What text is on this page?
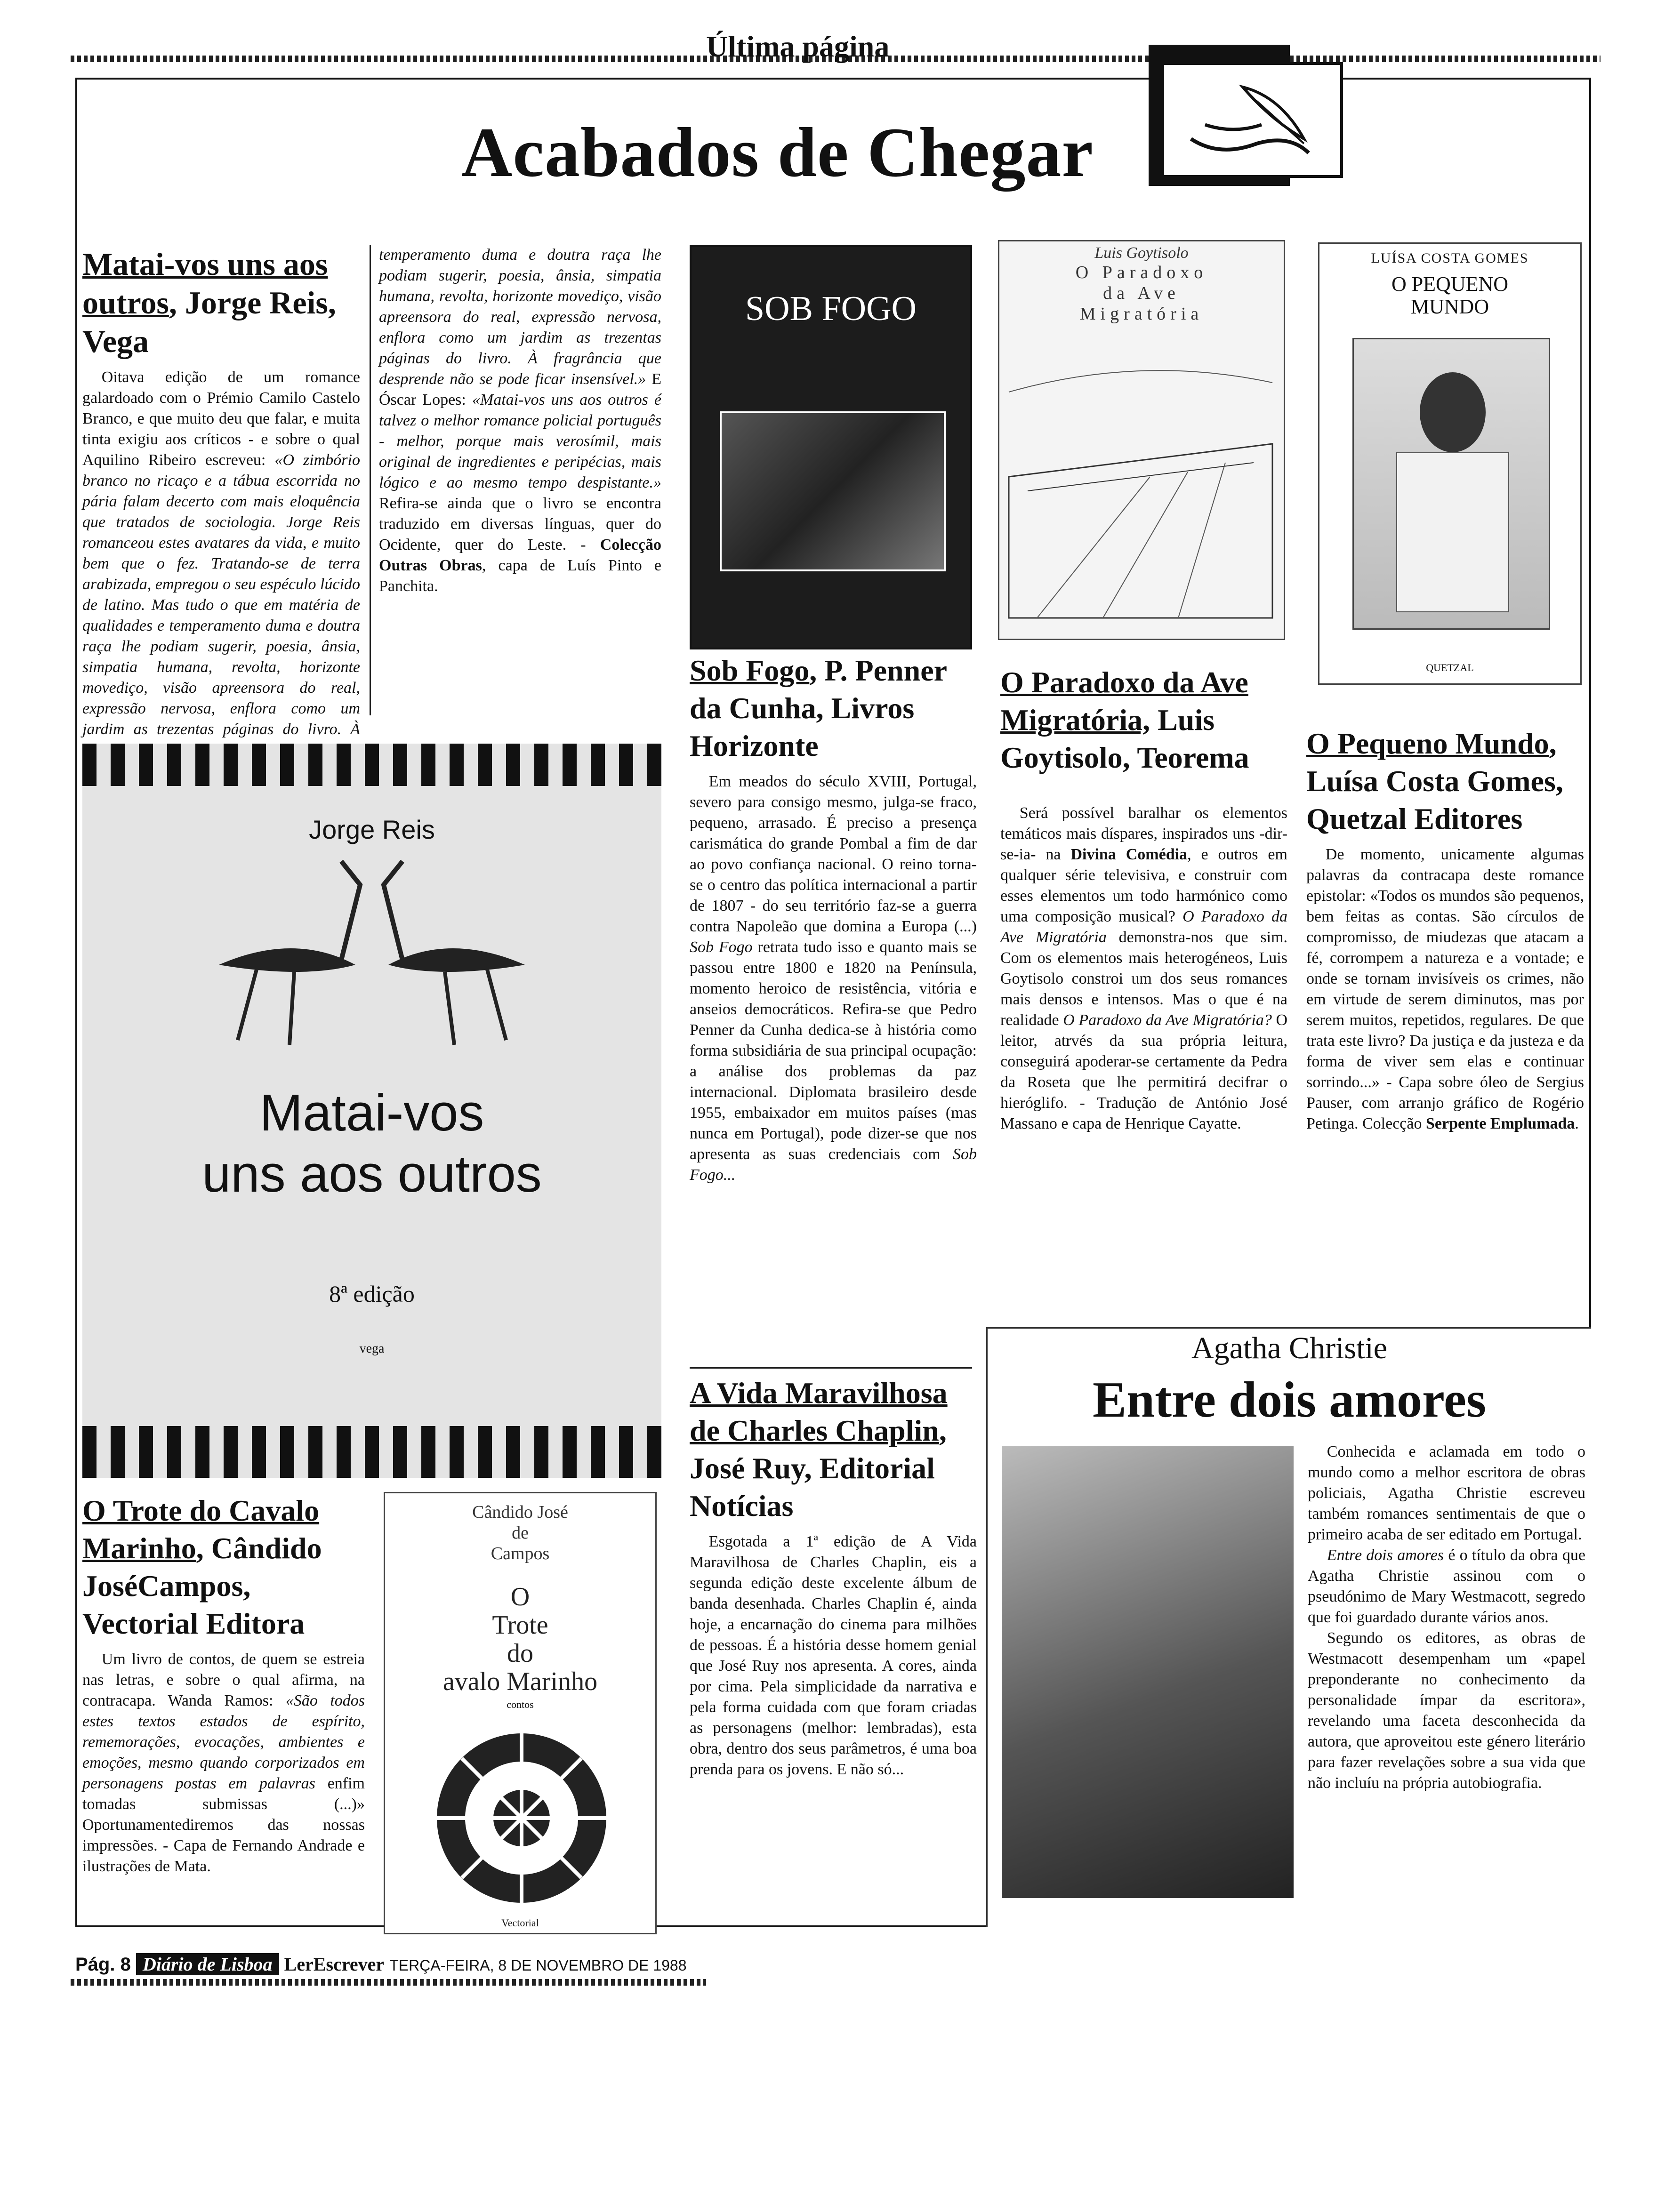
Última página
Acabados de Chegar
Matai-vos uns aos outros, Jorge Reis, Vega
Oitava edição de um romance galardoado com o Prémio Camilo Castelo Branco, e que muito deu que falar, e muita tinta exigiu aos críticos - e sobre o qual Aquilino Ribeiro escreveu: «O zimbório branco no ricaço e a tábua escorrida no pária falam decerto com mais eloquência que tratados de sociologia. Jorge Reis romanceou estes avatares da vida, e muito bem que o fez. Tratando-se de terra arabizada, empregou o seu espéculo lúcido de latino. Mas tudo o que em matéria de qualidades e temperamento duma e doutra raça lhe podiam sugerir, poesia, ânsia, simpatia humana, revolta, horizonte movediço, visão apreensora do real, expressão nervosa, enflora como um jardim as trezentas páginas do livro. À
temperamento duma e doutra raça lhe podiam sugerir, poesia, ânsia, simpatia humana, revolta, horizonte movediço, visão apreensora do real, expressão nervosa, enflora como um jardim as trezentas páginas do livro. À fragrância que desprende não se pode ficar insensível.» E Óscar Lopes: «Matai-vos uns aos outros é talvez o melhor romance policial português - melhor, porque mais verosímil, mais original de ingredientes e peripécias, mais lógico e ao mesmo tempo despistante.» Refira-se ainda que o livro se encontra traduzido em diversas línguas, quer do Ocidente, quer do Leste. - Colecção Outras Obras, capa de Luís Pinto e Panchita.
Jorge Reis
Matai-vos
uns aos outros
8ª edição
vega
O Trote do Cavalo Marinho, Cândido JoséCampos, Vectorial Editora
Um livro de contos, de quem se estreia nas letras, e sobre o qual afirma, na contracapa. Wanda Ramos: «São todos estes textos estados de espírito, rememorações, evocações, ambientes e emoções, mesmo quando corporizados em personagens postas em palavras enfim tomadas submissas (...)» Oportunamentediremos das nossas impressões. - Capa de Fernando Andrade e ilustrações de Mata.
Cândido José
de
Campos
O
Trote
do
avalo Marinho
contos
Vectorial
SOB FOGO
Sob Fogo, P. Penner da Cunha, Livros Horizonte
Em meados do século XVIII, Portugal, severo para consigo mesmo, julga-se fraco, pequeno, arrasado. É preciso a presença carismática do grande Pombal a fim de dar ao povo confiança nacional. O reino torna-se o centro das política internacional a partir de 1807 - do seu território faz-se a guerra contra Napoleão que domina a Europa (...) Sob Fogo retrata tudo isso e quanto mais se passou entre 1800 e 1820 na Península, momento heroico de resistência, vitória e anseios democráticos. Refira-se que Pedro Penner da Cunha dedica-se à história como forma subsidiária de sua principal ocupação: a análise dos problemas da paz internacional. Diplomata brasileiro desde 1955, embaixador em muitos países (mas nunca em Portugal), pode dizer-se que nos apresenta as suas credenciais com Sob Fogo...
A Vida Maravilhosa de Charles Chaplin, José Ruy, Editorial Notícias
Esgotada a 1ª edição de A Vida Maravilhosa de Charles Chaplin, eis a segunda edição deste excelente álbum de banda desenhada. Charles Chaplin é, ainda hoje, a encarnação do cinema para milhões de pessoas. É a história desse homem genial que José Ruy nos apresenta. A cores, ainda por cima. Pela simplicidade da narrativa e pela forma cuidada com que foram criadas as personagens (melhor: lembradas), esta obra, dentro dos seus parâmetros, é uma boa prenda para os jovens. E não só...
Luis Goytisolo
O Paradoxo
da Ave
Migratória
O Paradoxo da Ave Migratória, Luis Goytisolo, Teorema
Será possível baralhar os elementos temáticos mais díspares, inspirados uns -dir-se-ia- na Divina Comédia, e outros em qualquer série televisiva, e construir com esses elementos um todo harmónico como uma composição musical? O Paradoxo da Ave Migratória demonstra-nos que sim. Com os elementos mais heterogéneos, Luis Goytisolo constroi um dos seus romances mais densos e intensos. Mas o que é na realidade O Paradoxo da Ave Migratória? O leitor, atrvés da sua própria leitura, conseguirá apoderar-se certamente da Pedra da Roseta que lhe permitirá decifrar o hieróglifo. - Tradução de António José Massano e capa de Henrique Cayatte.
LUÍSA COSTA GOMES
O PEQUENO
MUNDO
QUETZAL
O Pequeno Mundo, Luísa Costa Gomes, Quetzal Editores
De momento, unicamente algumas palavras da contracapa deste romance epistolar: «Todos os mundos são pequenos, bem feitas as contas. São círculos de compromisso, de miudezas que atacam a fé, corrompem a natureza e a vontade; e onde se tornam invisíveis os crimes, não em virtude de serem diminutos, mas por serem muitos, repetidos, regulares. De que trata este livro? Da justiça e da justeza e da forma de viver sem elas e continuar sorrindo...» - Capa sobre óleo de Sergius Pauser, com arranjo gráfico de Rogério Petinga. Colecção Serpente Emplumada.
Agatha Christie
Entre dois amores
Conhecida e aclamada em todo o mundo como a melhor escritora de obras policiais, Agatha Christie escreveu também romances sentimentais de que o primeiro acaba de ser editado em Portugal.
Entre dois amores é o título da obra que Agatha Christie assinou com o pseudónimo de Mary Westmacott, segredo que foi guardado durante vários anos.
Segundo os editores, as obras de Westmacott desempenham um «papel preponderante no conhecimento da personalidade ímpar da escritora», revelando uma faceta desconhecida da autora, que aproveitou este género literário para fazer revelações sobre a sua vida que não incluíu na própria autobiografia.
Pág. 8 Diário de Lisboa LerEscrever TERÇA-FEIRA, 8 DE NOVEMBRO DE 1988
